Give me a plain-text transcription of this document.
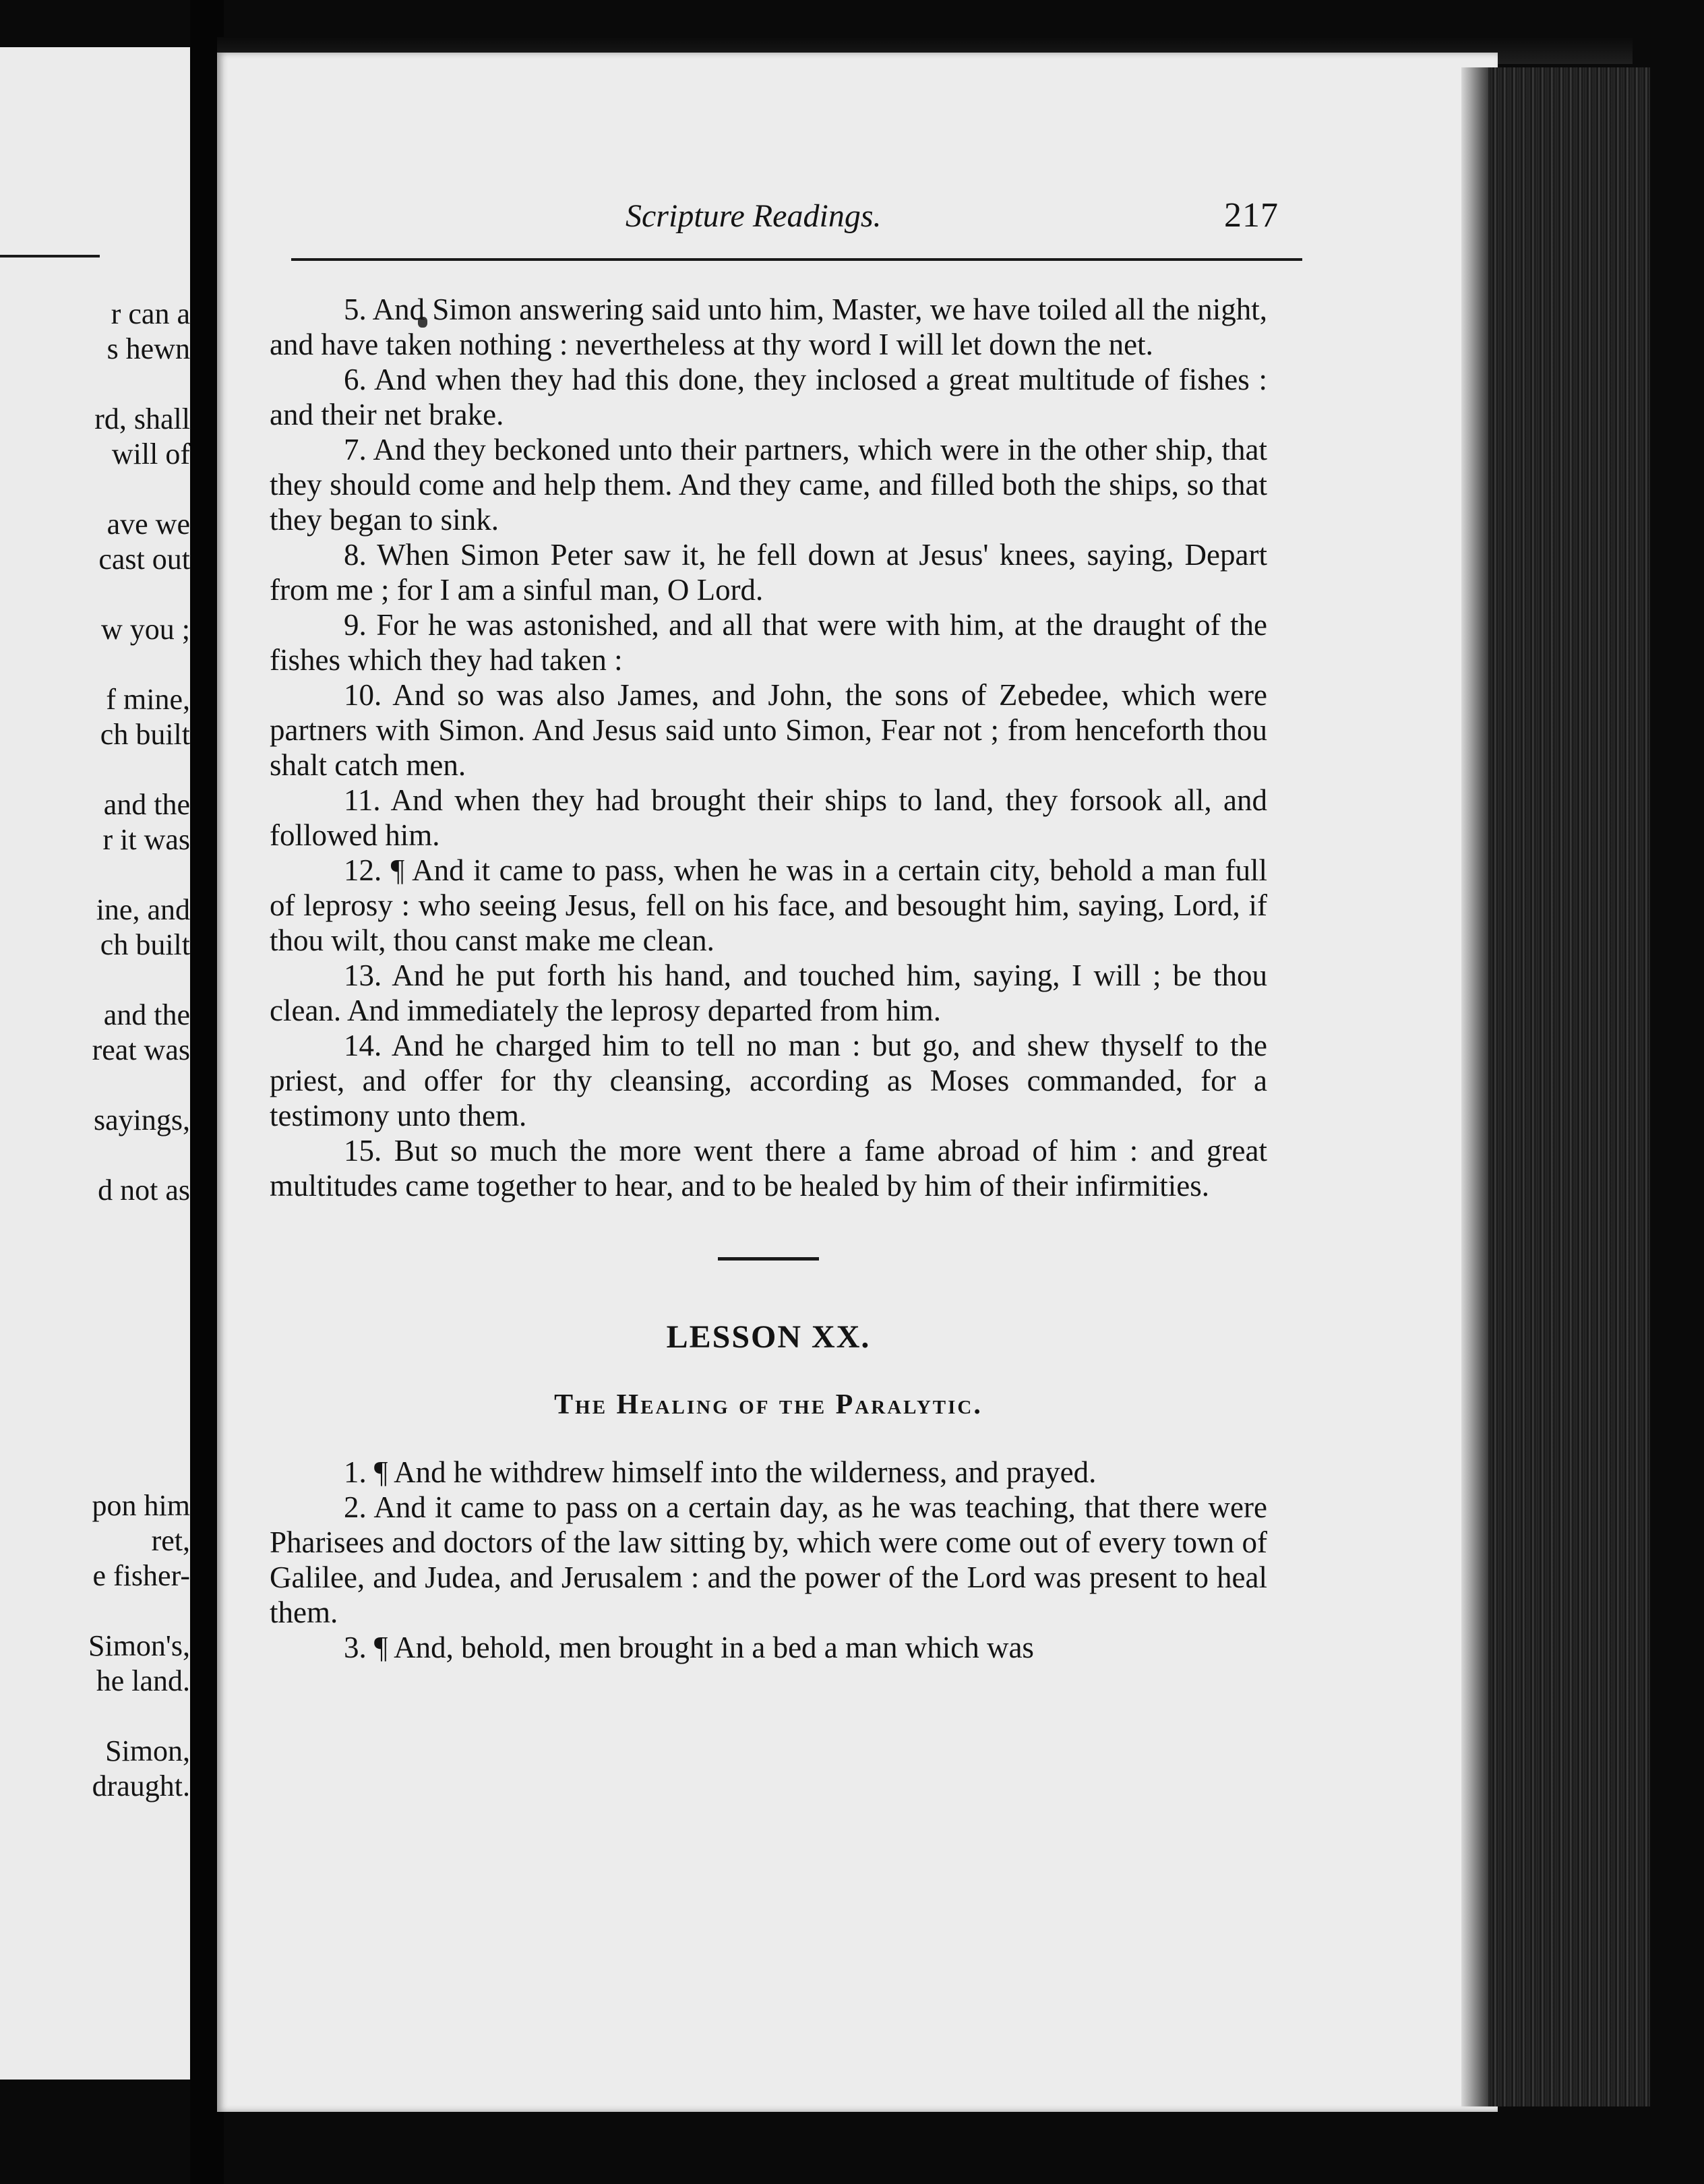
r can a
s hewn
rd, shall
will of
ave we
cast out
w you ;
f mine,
ch built
and the
r it was
ine, and
ch built
and the
reat was
sayings,
d not as
pon him
ret,
e fisher-
Simon's,
he land.
Simon,
draught.
Scripture Readings.	217

5. And Simon answering said unto him, Master, we have toiled all the night, and have taken nothing : nevertheless at thy word I will let down the net.

6. And when they had this done, they inclosed a great multitude of fishes : and their net brake.

7. And they beckoned unto their partners, which were in the other ship, that they should come and help them. And they came, and filled both the ships, so that they began to sink.

8. When Simon Peter saw it, he fell down at Jesus' knees, saying, Depart from me ; for I am a sinful man, O Lord.

9. For he was astonished, and all that were with him, at the draught of the fishes which they had taken :

10. And so was also James, and John, the sons of Zebedee, which were partners with Simon. And Jesus said unto Simon, Fear not ; from henceforth thou shalt catch men.

11. And when they had brought their ships to land, they forsook all, and followed him.

12. ¶ And it came to pass, when he was in a certain city, behold a man full of leprosy : who seeing Jesus, fell on his face, and besought him, saying, Lord, if thou wilt, thou canst make me clean.

13. And he put forth his hand, and touched him, saying, I will ; be thou clean. And immediately the leprosy departed from him.

14. And he charged him to tell no man : but go, and shew thyself to the priest, and offer for thy cleansing, according as Moses commanded, for a testimony unto them.

15. But so much the more went there a fame abroad of him : and great multitudes came together to hear, and to be healed by him of their infirmities.

LESSON XX.
The Healing of the Paralytic.

1. ¶ And he withdrew himself into the wilderness, and prayed.

2. And it came to pass on a certain day, as he was teaching, that there were Pharisees and doctors of the law sitting by, which were come out of every town of Galilee, and Judea, and Jerusalem : and the power of the Lord was present to heal them.

3. ¶ And, behold, men brought in a bed a man which was
